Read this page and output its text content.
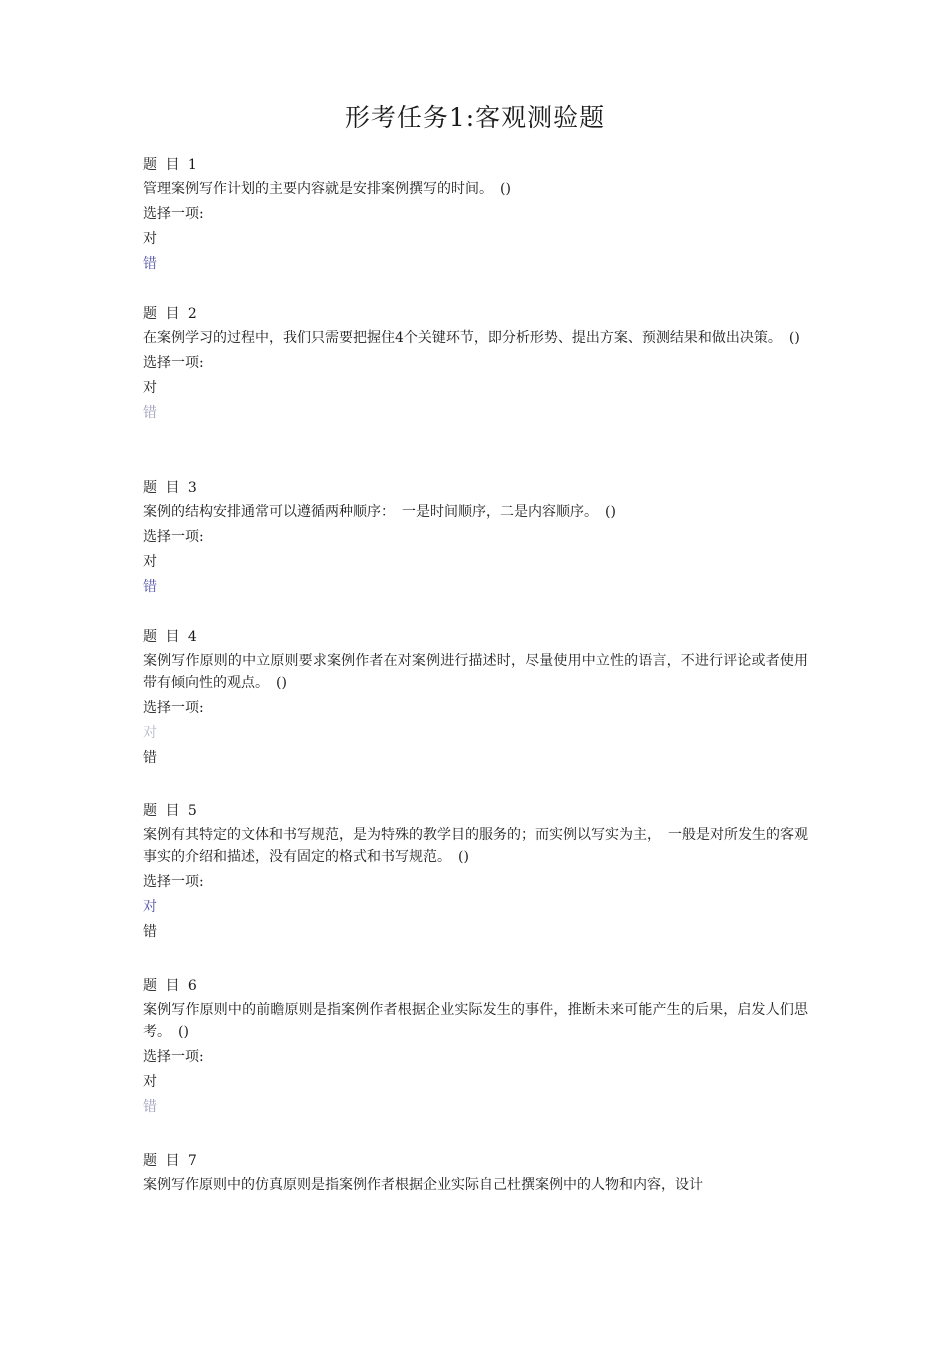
形考任务1:客观测验题

题 目 1

管理案例写作计划的主要内容就是安排案例撰写的时间。　()

选择一项:

对
错

题 目 2

在案例学习的过程中，我们只需要把握住4个关键环节，即分析形势、提出方案、预测结果和做出决策。　()

选择一项:

对
错

题 目 3

案例的结构安排通常可以遵循两种顺序：　一是时间顺序，二是内容顺序。　()

选择一项:

对
错

题 目 4

案例写作原则的中立原则要求案例作者在对案例进行描述时，尽量使用中立性的语言，不进行评论或者使用带有倾向性的观点。　()

选择一项:

对
错

题 目 5

案例有其特定的文体和书写规范，是为特殊的教学目的服务的；而实例以写实为主，　一般是对所发生的客观事实的介绍和描述，没有固定的格式和书写规范。　()

选择一项:

对
错

题 目 6

案例写作原则中的前瞻原则是指案例作者根据企业实际发生的事件，推断未来可能产生的后果，启发人们思考。　()

选择一项:

对
错

题 目 7

案例写作原则中的仿真原则是指案例作者根据企业实际自己杜撰案例中的人物和内容，设计
